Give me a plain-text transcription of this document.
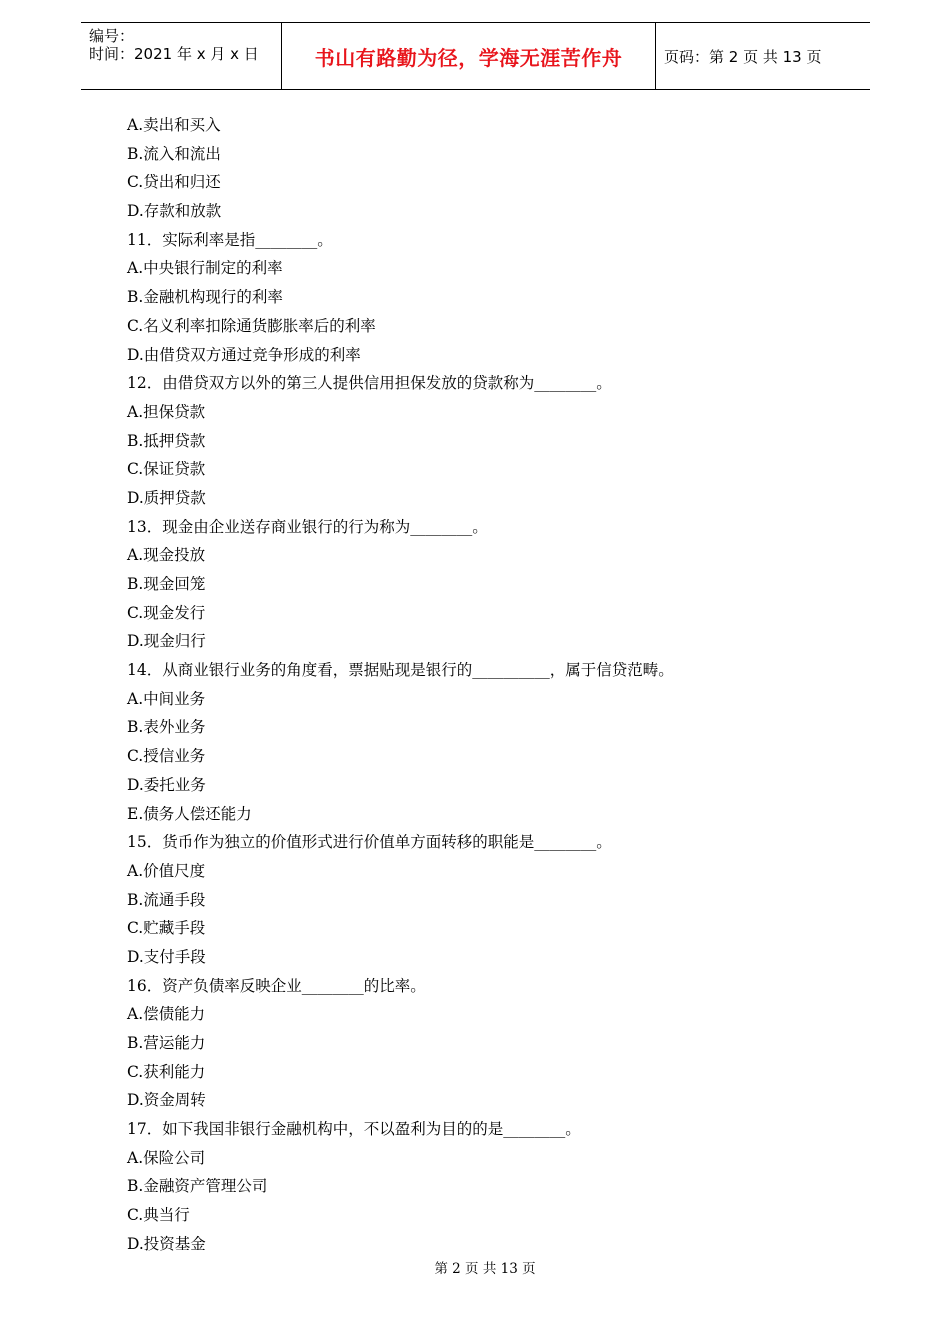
编号：
时间：2021 年 x 月 x 日	书山有路勤为径，学海无涯苦作舟	页码：第 2 页 共 13 页
A.卖出和买入
B.流入和流出
C.贷出和归还
D.存款和放款
11．实际利率是指________。
A.中央银行制定的利率
B.金融机构现行的利率
C.名义利率扣除通货膨胀率后的利率
D.由借贷双方通过竞争形成的利率
12．由借贷双方以外的第三人提供信用担保发放的贷款称为________。
A.担保贷款
B.抵押贷款
C.保证贷款
D.质押贷款
13．现金由企业送存商业银行的行为称为________。
A.现金投放
B.现金回笼
C.现金发行
D.现金归行
14．从商业银行业务的角度看，票据贴现是银行的__________，属于信贷范畴。
A.中间业务
B.表外业务
C.授信业务
D.委托业务
E.债务人偿还能力
15．货币作为独立的价值形式进行价值单方面转移的职能是________。
A.价值尺度
B.流通手段
C.贮藏手段
D.支付手段
16．资产负债率反映企业________的比率。
A.偿债能力
B.营运能力
C.获利能力
D.资金周转
17．如下我国非银行金融机构中，不以盈利为目的的是________。
A.保险公司
B.金融资产管理公司
C.典当行
D.投资基金
第 2 页 共 13 页
